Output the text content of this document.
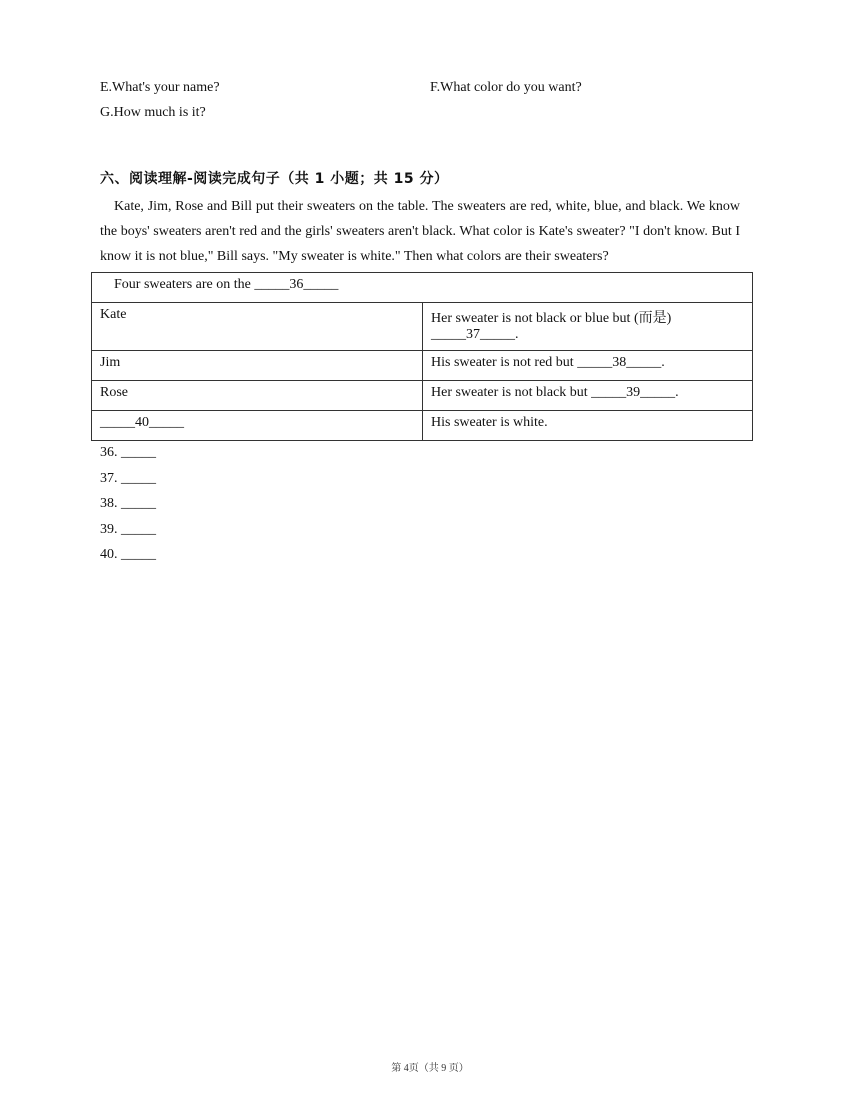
E.What's your name?	F.What color do you want?
G.How much is it?
六、阅读理解-阅读完成句子（共 1 小题；共 15 分）
Kate, Jim, Rose and Bill put their sweaters on the table. The sweaters are red, white, blue, and black. We know the boys' sweaters aren't red and the girls' sweaters aren't black. What color is Kate's sweater? "I don't know. But I know it is not blue," Bill says. "My sweater is white." Then what colors are their sweaters?
Four sweaters are on the _____36_____	
Kate	Her sweater is not black or blue but (而是) _____37_____.
Jim	His sweater is not red but _____38_____.
Rose	Her sweater is not black but _____39_____.
_____40_____	His sweater is white.
36. _____
37. _____
38. _____
39. _____
40. _____
第 4页（共 9 页）
